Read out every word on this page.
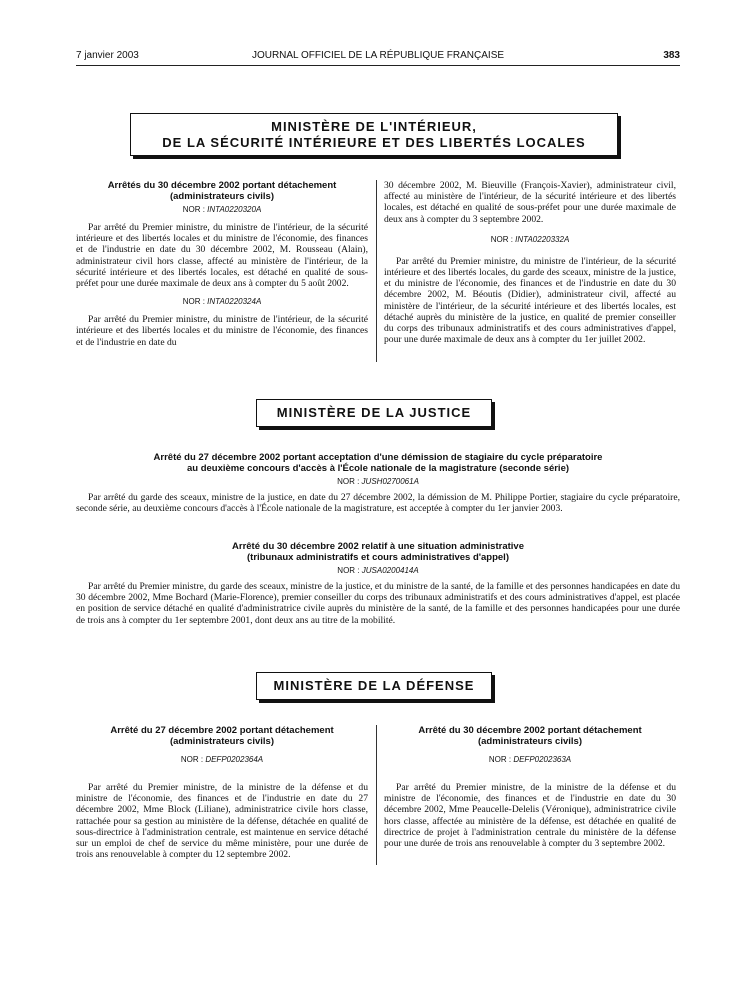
7 janvier 2003	JOURNAL OFFICIEL DE LA RÉPUBLIQUE FRANÇAISE	383
MINISTÈRE DE L'INTÉRIEUR,
DE LA SÉCURITÉ INTÉRIEURE ET DES LIBERTÉS LOCALES
Arrêtés du 30 décembre 2002 portant détachement (administrateurs civils)
NOR : INTA0220320A

Par arrêté du Premier ministre, du ministre de l'intérieur, de la sécurité intérieure et des libertés locales et du ministre de l'économie, des finances et de l'industrie en date du 30 décembre 2002, M. Rousseau (Alain), administrateur civil hors classe, affecté au ministère de l'intérieur, de la sécurité intérieure et des libertés locales, est détaché en qualité de sous-préfet pour une durée maximale de deux ans à compter du 5 août 2002.

NOR : INTA0220324A

Par arrêté du Premier ministre, du ministre de l'intérieur, de la sécurité intérieure et des libertés locales et du ministre de l'économie, des finances et de l'industrie en date du

30 décembre 2002, M. Bieuville (François-Xavier), administrateur civil, affecté au ministère de l'intérieur, de la sécurité intérieure et des libertés locales, est détaché en qualité de sous-préfet pour une durée maximale de deux ans à compter du 3 septembre 2002.

NOR : INTA0220332A

Par arrêté du Premier ministre, du ministre de l'intérieur, de la sécurité intérieure et des libertés locales, du garde des sceaux, ministre de la justice, et du ministre de l'économie, des finances et de l'industrie en date du 30 décembre 2002, M. Béoutis (Didier), administrateur civil, affecté au ministère de l'intérieur, de la sécurité intérieure et des libertés locales, est détaché auprès du ministère de la justice, en qualité de premier conseiller du corps des tribunaux administratifs et des cours administratives d'appel, pour une durée maximale de deux ans à compter du 1er juillet 2002.

MINISTÈRE DE LA JUSTICE
Arrêté du 27 décembre 2002 portant acceptation d'une démission de stagiaire du cycle préparatoire
au deuxième concours d'accès à l'École nationale de la magistrature (seconde série)
NOR : JUSH0270061A

Par arrêté du garde des sceaux, ministre de la justice, en date du 27 décembre 2002, la démission de M. Philippe Portier, stagiaire du cycle préparatoire, seconde série, au deuxième concours d'accès à l'École nationale de la magistrature, est acceptée à compter du 1er janvier 2003.

Arrêté du 30 décembre 2002 relatif à une situation administrative
(tribunaux administratifs et cours administratives d'appel)
NOR : JUSA0200414A

Par arrêté du Premier ministre, du garde des sceaux, ministre de la justice, et du ministre de la santé, de la famille et des personnes handicapées en date du 30 décembre 2002, Mme Bochard (Marie-Florence), premier conseiller du corps des tribunaux administratifs et des cours administratives d'appel, est placée en position de service détaché en qualité d'administratrice civile auprès du ministère de la santé, de la famille et des personnes handicapées pour une durée de trois ans à compter du 1er septembre 2001, dont deux ans au titre de la mobilité.

MINISTÈRE DE LA DÉFENSE
Arrêté du 27 décembre 2002 portant détachement (administrateurs civils)
NOR : DEFP0202364A

Par arrêté du Premier ministre, de la ministre de la défense et du ministre de l'économie, des finances et de l'industrie en date du 27 décembre 2002, Mme Block (Liliane), administratrice civile hors classe, rattachée pour sa gestion au ministère de la défense, détachée en qualité de sous-directrice à l'administration centrale, est maintenue en service détaché sur un emploi de chef de service du même ministère, pour une durée de trois ans renouvelable à compter du 12 septembre 2002.

Arrêté du 30 décembre 2002 portant détachement (administrateurs civils)
NOR : DEFP0202363A

Par arrêté du Premier ministre, de la ministre de la défense et du ministre de l'économie, des finances et de l'industrie en date du 30 décembre 2002, Mme Peaucelle-Delelis (Véronique), administratrice civile hors classe, affectée au ministère de la défense, est détachée en qualité de directrice de projet à l'administration centrale du ministère de la défense pour une durée de trois ans renouvelable à compter du 3 septembre 2002.
